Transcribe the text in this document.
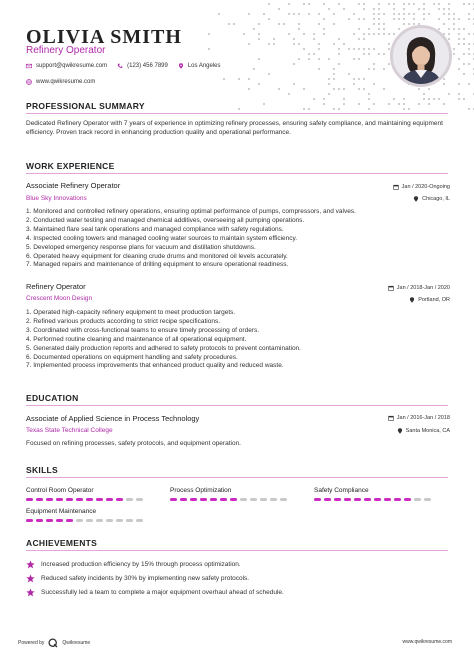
OLIVIA SMITH
Refinery Operator
support@qwikresume.com	(123) 456 7899	Los Angeles
www.qwikresume.com
PROFESSIONAL SUMMARY
Dedicated Refinery Operator with 7 years of experience in optimizing refinery processes, ensuring safety compliance, and maintaining equipment efficiency. Proven track record in enhancing production quality and operational performance.
WORK EXPERIENCE
Associate Refinery Operator	Jan / 2020-Ongoing
Blue Sky Innovations	Chicago, IL
1. Monitored and controlled refinery operations, ensuring optimal performance of pumps, compressors, and valves.
2. Conducted water testing and managed chemical additives, overseeing all pumping operations.
3. Maintained flare seal tank operations and managed compliance with safety regulations.
4. Inspected cooling towers and managed cooling water sources to maintain system efficiency.
5. Developed emergency response plans for vacuum and distillation shutdowns.
6. Operated heavy equipment for cleaning crude drums and monitored oil levels accurately.
7. Managed repairs and maintenance of drilling equipment to ensure operational readiness.
Refinery Operator	Jan / 2018-Jan / 2020
Crescent Moon Design	Portland, OR
1. Operated high-capacity refinery equipment to meet production targets.
2. Refined various products according to strict recipe specifications.
3. Coordinated with cross-functional teams to ensure timely processing of orders.
4. Performed routine cleaning and maintenance of all operational equipment.
5. Generated daily production reports and adhered to safety protocols to prevent contamination.
6. Documented operations on equipment handling and safety procedures.
7. Implemented process improvements that enhanced product quality and reduced waste.
EDUCATION
Associate of Applied Science in Process Technology	Jan / 2016-Jan / 2018
Texas State Technical College	Santa Monica, CA
Focused on refining processes, safety protocols, and equipment operation.
SKILLS
Control Room Operator	Process Optimization	Safety Compliance
Equipment Maintenance
ACHIEVEMENTS
Increased production efficiency by 15% through process optimization.
Reduced safety incidents by 30% by implementing new safety protocols.
Successfully led a team to complete a major equipment overhaul ahead of schedule.
Powered by	Qwikresume	www.qwikresume.com
